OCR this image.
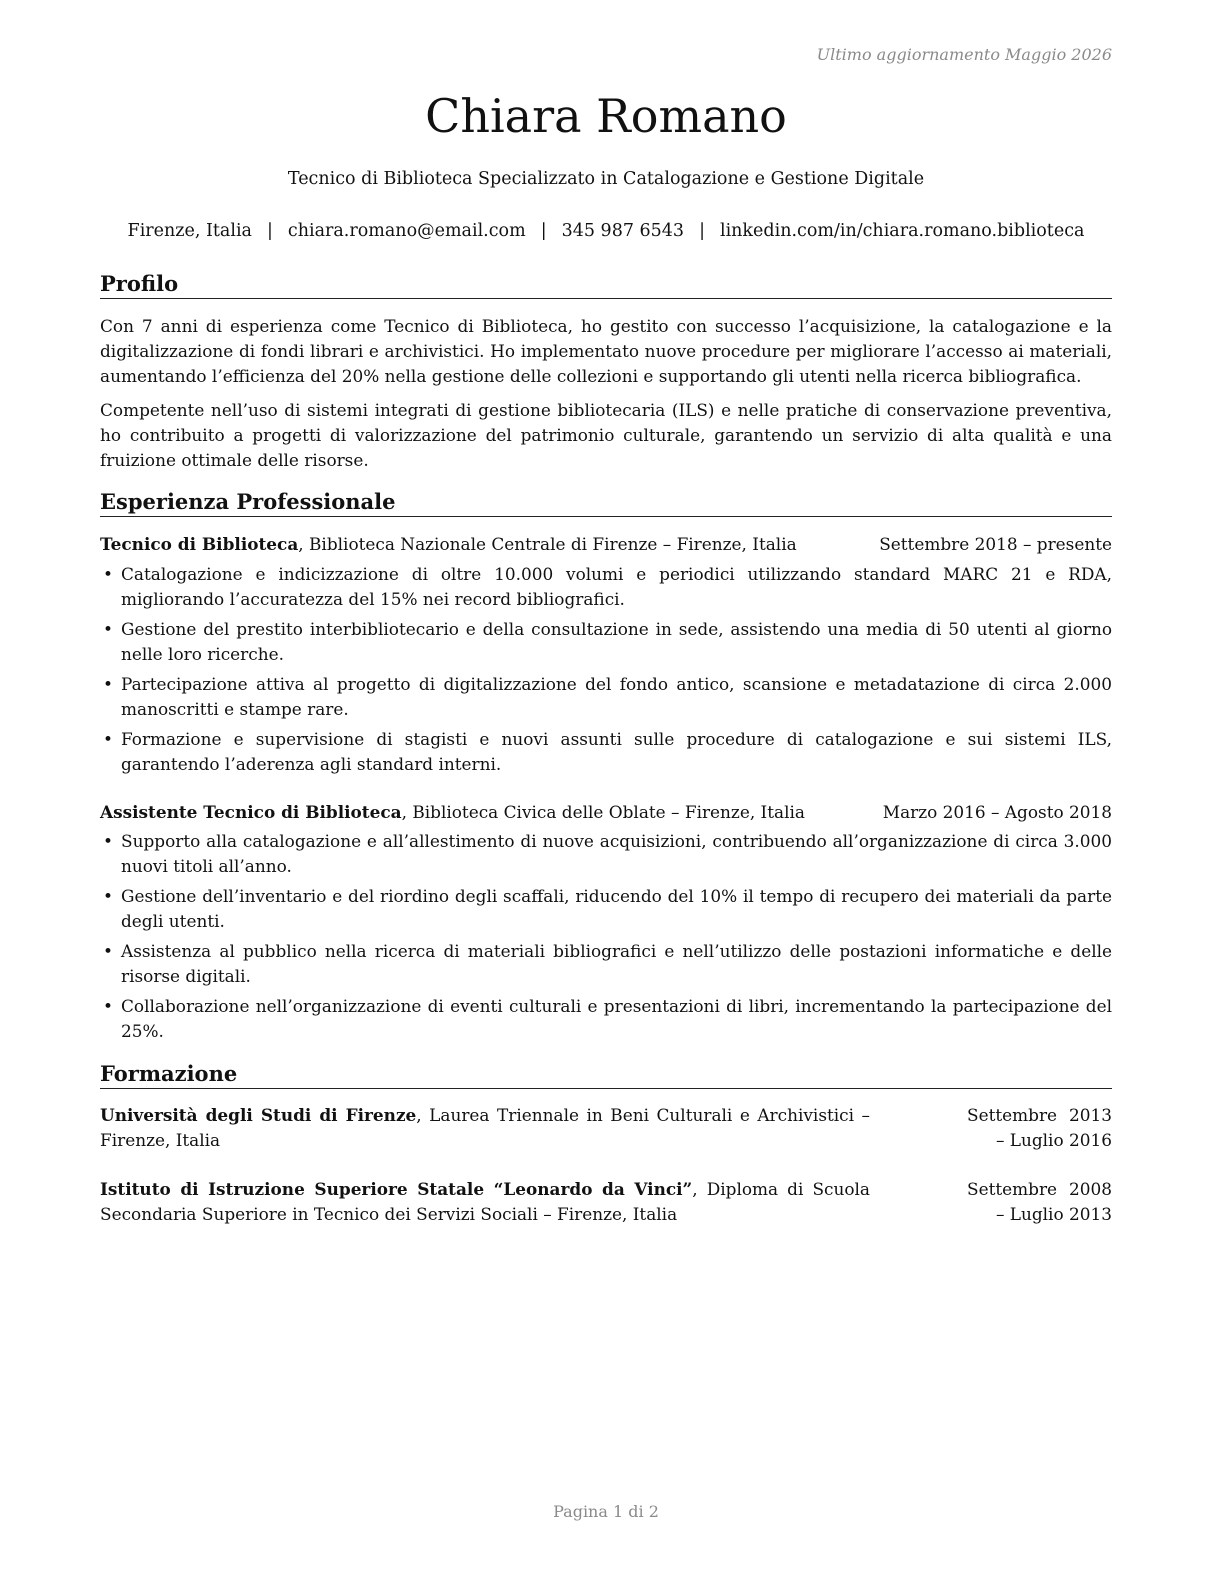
Ultimo aggiornamento Maggio 2026
Chiara Romano
Tecnico di Biblioteca Specializzato in Catalogazione e Gestione Digitale
Firenze, Italia | chiara.romano@email.com | 345 987 6543 | linkedin.com/in/chiara.romano.biblioteca
Profilo
Con 7 anni di esperienza come Tecnico di Biblioteca, ho gestito con successo l’acquisizione, la catalogazione e la digitalizzazione di fondi librari e archivistici. Ho implementato nuove procedure per migliorare l’accesso ai materiali, aumentando l’efficienza del 20% nella gestione delle collezioni e supportando gli utenti nella ricerca bibliografica.
Competente nell’uso di sistemi integrati di gestione bibliotecaria (ILS) e nelle pratiche di conservazione preventiva, ho contribuito a progetti di valorizzazione del patrimonio culturale, garantendo un servizio di alta qualità e una fruizione ottimale delle risorse.
Esperienza Professionale
Tecnico di Biblioteca, Biblioteca Nazionale Centrale di Firenze – Firenze, Italia	Settembre 2018 – presente
• Catalogazione e indicizzazione di oltre 10.000 volumi e periodici utilizzando standard MARC 21 e RDA, migliorando l’accuratezza del 15% nei record bibliografici.
• Gestione del prestito interbibliotecario e della consultazione in sede, assistendo una media di 50 utenti al giorno nelle loro ricerche.
• Partecipazione attiva al progetto di digitalizzazione del fondo antico, scansione e metadatazione di circa 2.000 manoscritti e stampe rare.
• Formazione e supervisione di stagisti e nuovi assunti sulle procedure di catalogazione e sui sistemi ILS, garantendo l’aderenza agli standard interni.
Assistente Tecnico di Biblioteca, Biblioteca Civica delle Oblate – Firenze, Italia	Marzo 2016 – Agosto 2018
• Supporto alla catalogazione e all’allestimento di nuove acquisizioni, contribuendo all’organizzazione di circa 3.000 nuovi titoli all’anno.
• Gestione dell’inventario e del riordino degli scaffali, riducendo del 10% il tempo di recupero dei materiali da parte degli utenti.
• Assistenza al pubblico nella ricerca di materiali bibliografici e nell’utilizzo delle postazioni informatiche e delle risorse digitali.
• Collaborazione nell’organizzazione di eventi culturali e presentazioni di libri, incrementando la partecipazione del 25%.
Formazione
Università degli Studi di Firenze, Laurea Triennale in Beni Culturali e Archivistici – Firenze, Italia
Settembre 2013 – Luglio 2016
Istituto di Istruzione Superiore Statale “Leonardo da Vinci”, Diploma di Scuola Secondaria Superiore in Tecnico dei Servizi Sociali – Firenze, Italia
Settembre 2008 – Luglio 2013
Pagina 1 di 2
